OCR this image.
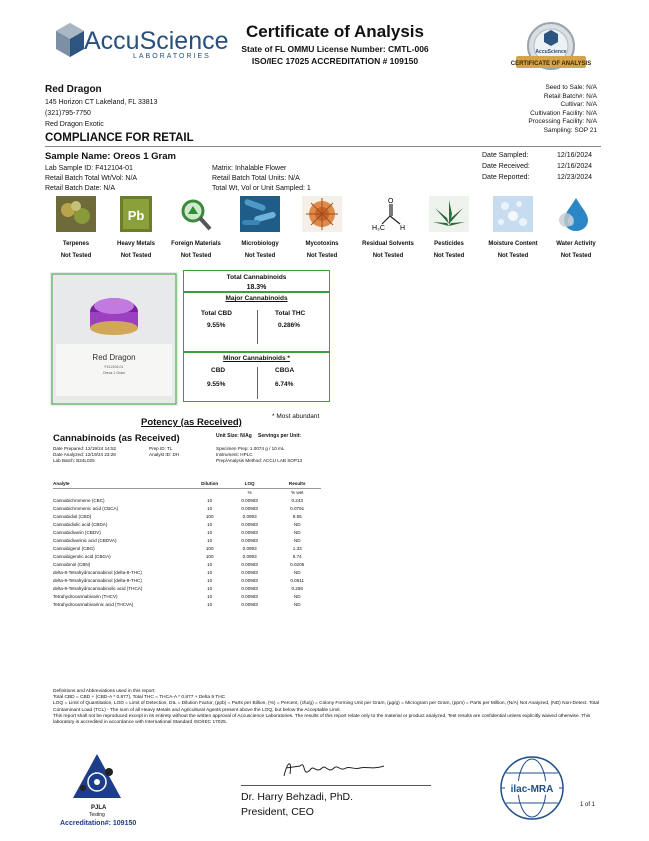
AccuScience
LABORATORIES
Certificate of Analysis
State of FL OMMU License Number: CMTL-006
ISO/IEC 17025 ACCREDITATION # 109150	CERTIFICATE OF ANALYSIS
AccuScience
Red Dragon
145 Horizon CT Lakeland, FL 33813
(321)795-7750
Red Dragon Exotic
Seed to Sale: N/A
Retail Batch#: N/A
Cultivar: N/A
Cultivation Facility: N/A
Processing Facility: N/A
Sampling: SOP 21
COMPLIANCE FOR RETAIL
Sample Name: Oreos 1 Gram
Lab Sample ID: F412104-01
Retail Batch Total Wt/Vol: N/A
Retail Batch Date: N/A
Matrix: Inhalable Flower
Retail Batch Total Units: N/A
Total Wt, Vol or Unit Sampled: 1
Date Sampled:	12/16/2024
Date Received:	12/16/2024
Date Reported:	12/23/2024
Terpenes
Not Tested
Pb
Heavy Metals
Not Tested
Foreign Materials
Not Tested
Microbiology
Not Tested
Mycotoxins
Not Tested
H₃C
O
H
Residual Solvents
Not Tested
Pesticides
Not Tested
Moisture Content
Not Tested
Water Activity
Not Tested
Red Dragon
F412104-01
Oreos 1 Gram
Total Cannabinoids
18.3%
Major Cannabinoids
Total CBD
9.55%
Total THC
0.286%
Minor Cannabinoids *
CBD
9.55%
CBGA
6.74%
* Most abundant
Potency (as Received)
Cannabinoids (as Received)	Unit Size: N/Ag Servings per Unit:
Date Prepared: 12/19/24 14:52
Date Analyzed: 12/19/24 23:28
Lab Batch: B24L025
Prep ID: TL
Analyst ID: DH
Specimen Prep: 1.0074 g / 10 mL
Instrument: HPLC
Prep/Analysis Method: ACCU LAB SOP13
Analyte	Dilution	LOQ	Results
		%	% wet
Cannabichromene (CBC)	10	0.00993	0.243
Cannabichromenic acid (CBCA)	10	0.00993	0.0791
Cannabidiol (CBD)	100	0.0993	9.55
Cannabidiolic acid (CBDA)	10	0.00993	ND
Cannabidivarin (CBDV)	10	0.00993	ND
Cannabidivarinic acid (CBDVA)	10	0.00993	ND
Cannabigerol (CBG)	100	0.0993	1.33
Cannabigerolic acid (CBGA)	100	0.0993	6.74
Cannabinol (CBN)	10	0.00993	0.0205
delta-8-Tetrahydrocannabinol (delta-8-THC)	10	0.00993	ND
delta-9-Tetrahydrocannabinol (delta-9-THC)	10	0.00993	0.0611
delta-9-Tetrahydrocannabinolic acid (THCA)	10	0.00993	0.256
Tetrahydrocannabivarin (THCV)	10	0.00993	ND
Tetrahydrocannabivarinic acid (THCVA)	10	0.00993	ND
Definitions and Abbreviations used in this report:
Total CBD = CBD + (CBD-A * 0.877), Total THC = THCA-A * 0.877 + Delta 9 THC
LOQ = Limit of Quantitation, LOD = Limit of Detection, DIL = Dilution Factor, (ppb) = Parts per Billion, (%) = Percent, (cfu/g) = Colony Forming Unit per Gram, (µg/g) = Microgram per Gram, (ppm) = Parts per Million, (N/A) Not Analyzed, (ND) Non-Detect. Total Contaminant Load (TCL) - The sum of all Heavy Metals and Agricultural Agents present above the LOQ, but below the Acceptable Limit.
This report shall not be reproduced except in its entirety without the written approval of Accuscience Laboratories. The results of this report relate only to the material or product analyzed. Test results are confidential unless explicitly waived otherwise. This laboratory is accredited in accordance with International Standard ISO/IEC 17025.
PJLA
Testing
Accreditation#: 109150
Dr. Harry Behzadi, PhD.
President, CEO
ilac-MRA
1 of 1
